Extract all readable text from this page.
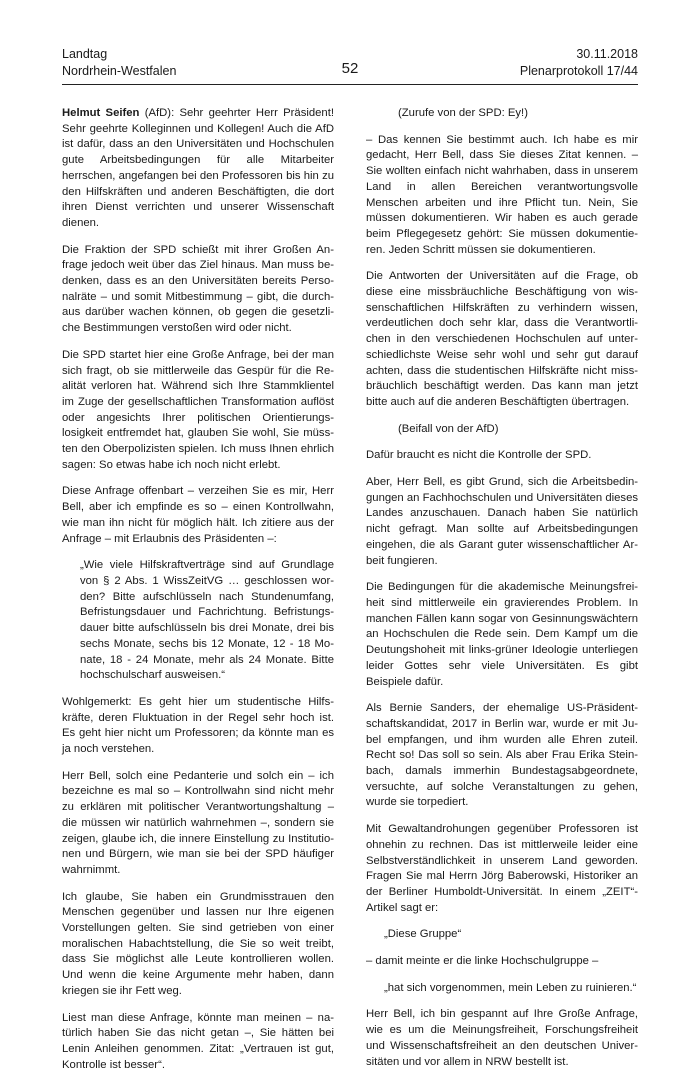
Landtag
Nordrhein-Westfalen	52
30.11.2018
Plenarprotokoll 17/44

Helmut Seifen (AfD): Sehr geehrter Herr Präsident! Sehr geehrte Kolleginnen und Kollegen! Auch die AfD ist dafür, dass an den Universitäten und Hochschulen gute Arbeitsbedingungen für alle Mitarbeiter herrschen, angefangen bei den Professoren bis hin zu den Hilfskräften und anderen Beschäftigten, die dort ihren Dienst verrichten und unserer Wissenschaft dienen.

Die Fraktion der SPD schießt mit ihrer Großen Anfrage jedoch weit über das Ziel hinaus. Man muss bedenken, dass es an den Universitäten bereits Personalräte – und somit Mitbestimmung – gibt, die durchaus darüber wachen können, ob gegen die gesetzliche Bestimmungen verstoßen wird oder nicht.

Die SPD startet hier eine Große Anfrage, bei der man sich fragt, ob sie mittlerweile das Gespür für die Realität verloren hat. Während sich Ihre Stammklientel im Zuge der gesellschaftlichen Transformation auflöst oder angesichts Ihrer politischen Orientierungslosigkeit entfremdet hat, glauben Sie wohl, Sie müssten den Oberpolizisten spielen. Ich muss Ihnen ehrlich sagen: So etwas habe ich noch nicht erlebt.

Diese Anfrage offenbart – verzeihen Sie es mir, Herr Bell, aber ich empfinde es so – einen Kontrollwahn, wie man ihn nicht für möglich hält. Ich zitiere aus der Anfrage – mit Erlaubnis des Präsidenten –:

„Wie viele Hilfskraftverträge sind auf Grundlage von § 2 Abs. 1 WissZeitVG … geschlossen worden? Bitte aufschlüsseln nach Stundenumfang, Befristungsdauer und Fachrichtung. Befristungsdauer bitte aufschlüsseln bis drei Monate, drei bis sechs Monate, sechs bis 12 Monate, 12 - 18 Monate, 18 - 24 Monate, mehr als 24 Monate. Bitte hochschulscharf ausweisen.“

Wohlgemerkt: Es geht hier um studentische Hilfskräfte, deren Fluktuation in der Regel sehr hoch ist. Es geht hier nicht um Professoren; da könnte man es ja noch verstehen.

Herr Bell, solch eine Pedanterie und solch ein – ich bezeichne es mal so – Kontrollwahn sind nicht mehr zu erklären mit politischer Verantwortungshaltung – die müssen wir natürlich wahrnehmen –, sondern sie zeigen, glaube ich, die innere Einstellung zu Institutionen und Bürgern, wie man sie bei der SPD häufiger wahrnimmt.

Ich glaube, Sie haben ein Grundmisstrauen den Menschen gegenüber und lassen nur Ihre eigenen Vorstellungen gelten. Sie sind getrieben von einer moralischen Habachtstellung, die Sie so weit treibt, dass Sie möglichst alle Leute kontrollieren wollen. Und wenn die keine Argumente mehr haben, dann kriegen sie ihr Fett weg.

Liest man diese Anfrage, könnte man meinen – natürlich haben Sie das nicht getan –, Sie hätten bei Lenin Anleihen genommen. Zitat: „Vertrauen ist gut, Kontrolle ist besser“.

(Zurufe von der SPD: Ey!)

– Das kennen Sie bestimmt auch. Ich habe es mir gedacht, Herr Bell, dass Sie dieses Zitat kennen. – Sie wollten einfach nicht wahrhaben, dass in unserem Land in allen Bereichen verantwortungsvolle Menschen arbeiten und ihre Pflicht tun. Nein, Sie müssen dokumentieren. Wir haben es auch gerade beim Pflegegesetz gehört: Sie müssen dokumentieren. Jeden Schritt müssen sie dokumentieren.

Die Antworten der Universitäten auf die Frage, ob diese eine missbräuchliche Beschäftigung von wissenschaftlichen Hilfskräften zu verhindern wissen, verdeutlichen doch sehr klar, dass die Verantwortlichen in den verschiedenen Hochschulen auf unterschiedlichste Weise sehr wohl und sehr gut darauf achten, dass die studentischen Hilfskräfte nicht missbräuchlich beschäftigt werden. Das kann man jetzt bitte auch auf die anderen Beschäftigten übertragen.

(Beifall von der AfD)

Dafür braucht es nicht die Kontrolle der SPD.

Aber, Herr Bell, es gibt Grund, sich die Arbeitsbedingungen an Fachhochschulen und Universitäten dieses Landes anzuschauen. Danach haben Sie natürlich nicht gefragt. Man sollte auf Arbeitsbedingungen eingehen, die als Garant guter wissenschaftlicher Arbeit fungieren.

Die Bedingungen für die akademische Meinungsfreiheit sind mittlerweile ein gravierendes Problem. In manchen Fällen kann sogar von Gesinnungswächtern an Hochschulen die Rede sein. Dem Kampf um die Deutungshoheit mit links-grüner Ideologie unterliegen leider Gottes sehr viele Universitäten. Es gibt Beispiele dafür.

Als Bernie Sanders, der ehemalige US-Präsidentschaftskandidat, 2017 in Berlin war, wurde er mit Jubel empfangen, und ihm wurden alle Ehren zuteil. Recht so! Das soll so sein. Als aber Frau Erika Steinbach, damals immerhin Bundestagsabgeordnete, versuchte, auf solche Veranstaltungen zu gehen, wurde sie torpediert.

Mit Gewaltandrohungen gegenüber Professoren ist ohnehin zu rechnen. Das ist mittlerweile leider eine Selbstverständlichkeit in unserem Land geworden. Fragen Sie mal Herrn Jörg Baberowski, Historiker an der Berliner Humboldt-Universität. In einem „ZEIT“-Artikel sagt er:

„Diese Gruppe“

– damit meinte er die linke Hochschulgruppe –

„hat sich vorgenommen, mein Leben zu ruinieren.“

Herr Bell, ich bin gespannt auf Ihre Große Anfrage, wie es um die Meinungsfreiheit, Forschungsfreiheit und Wissenschaftsfreiheit an den deutschen Universitäten und vor allem in NRW bestellt ist.
